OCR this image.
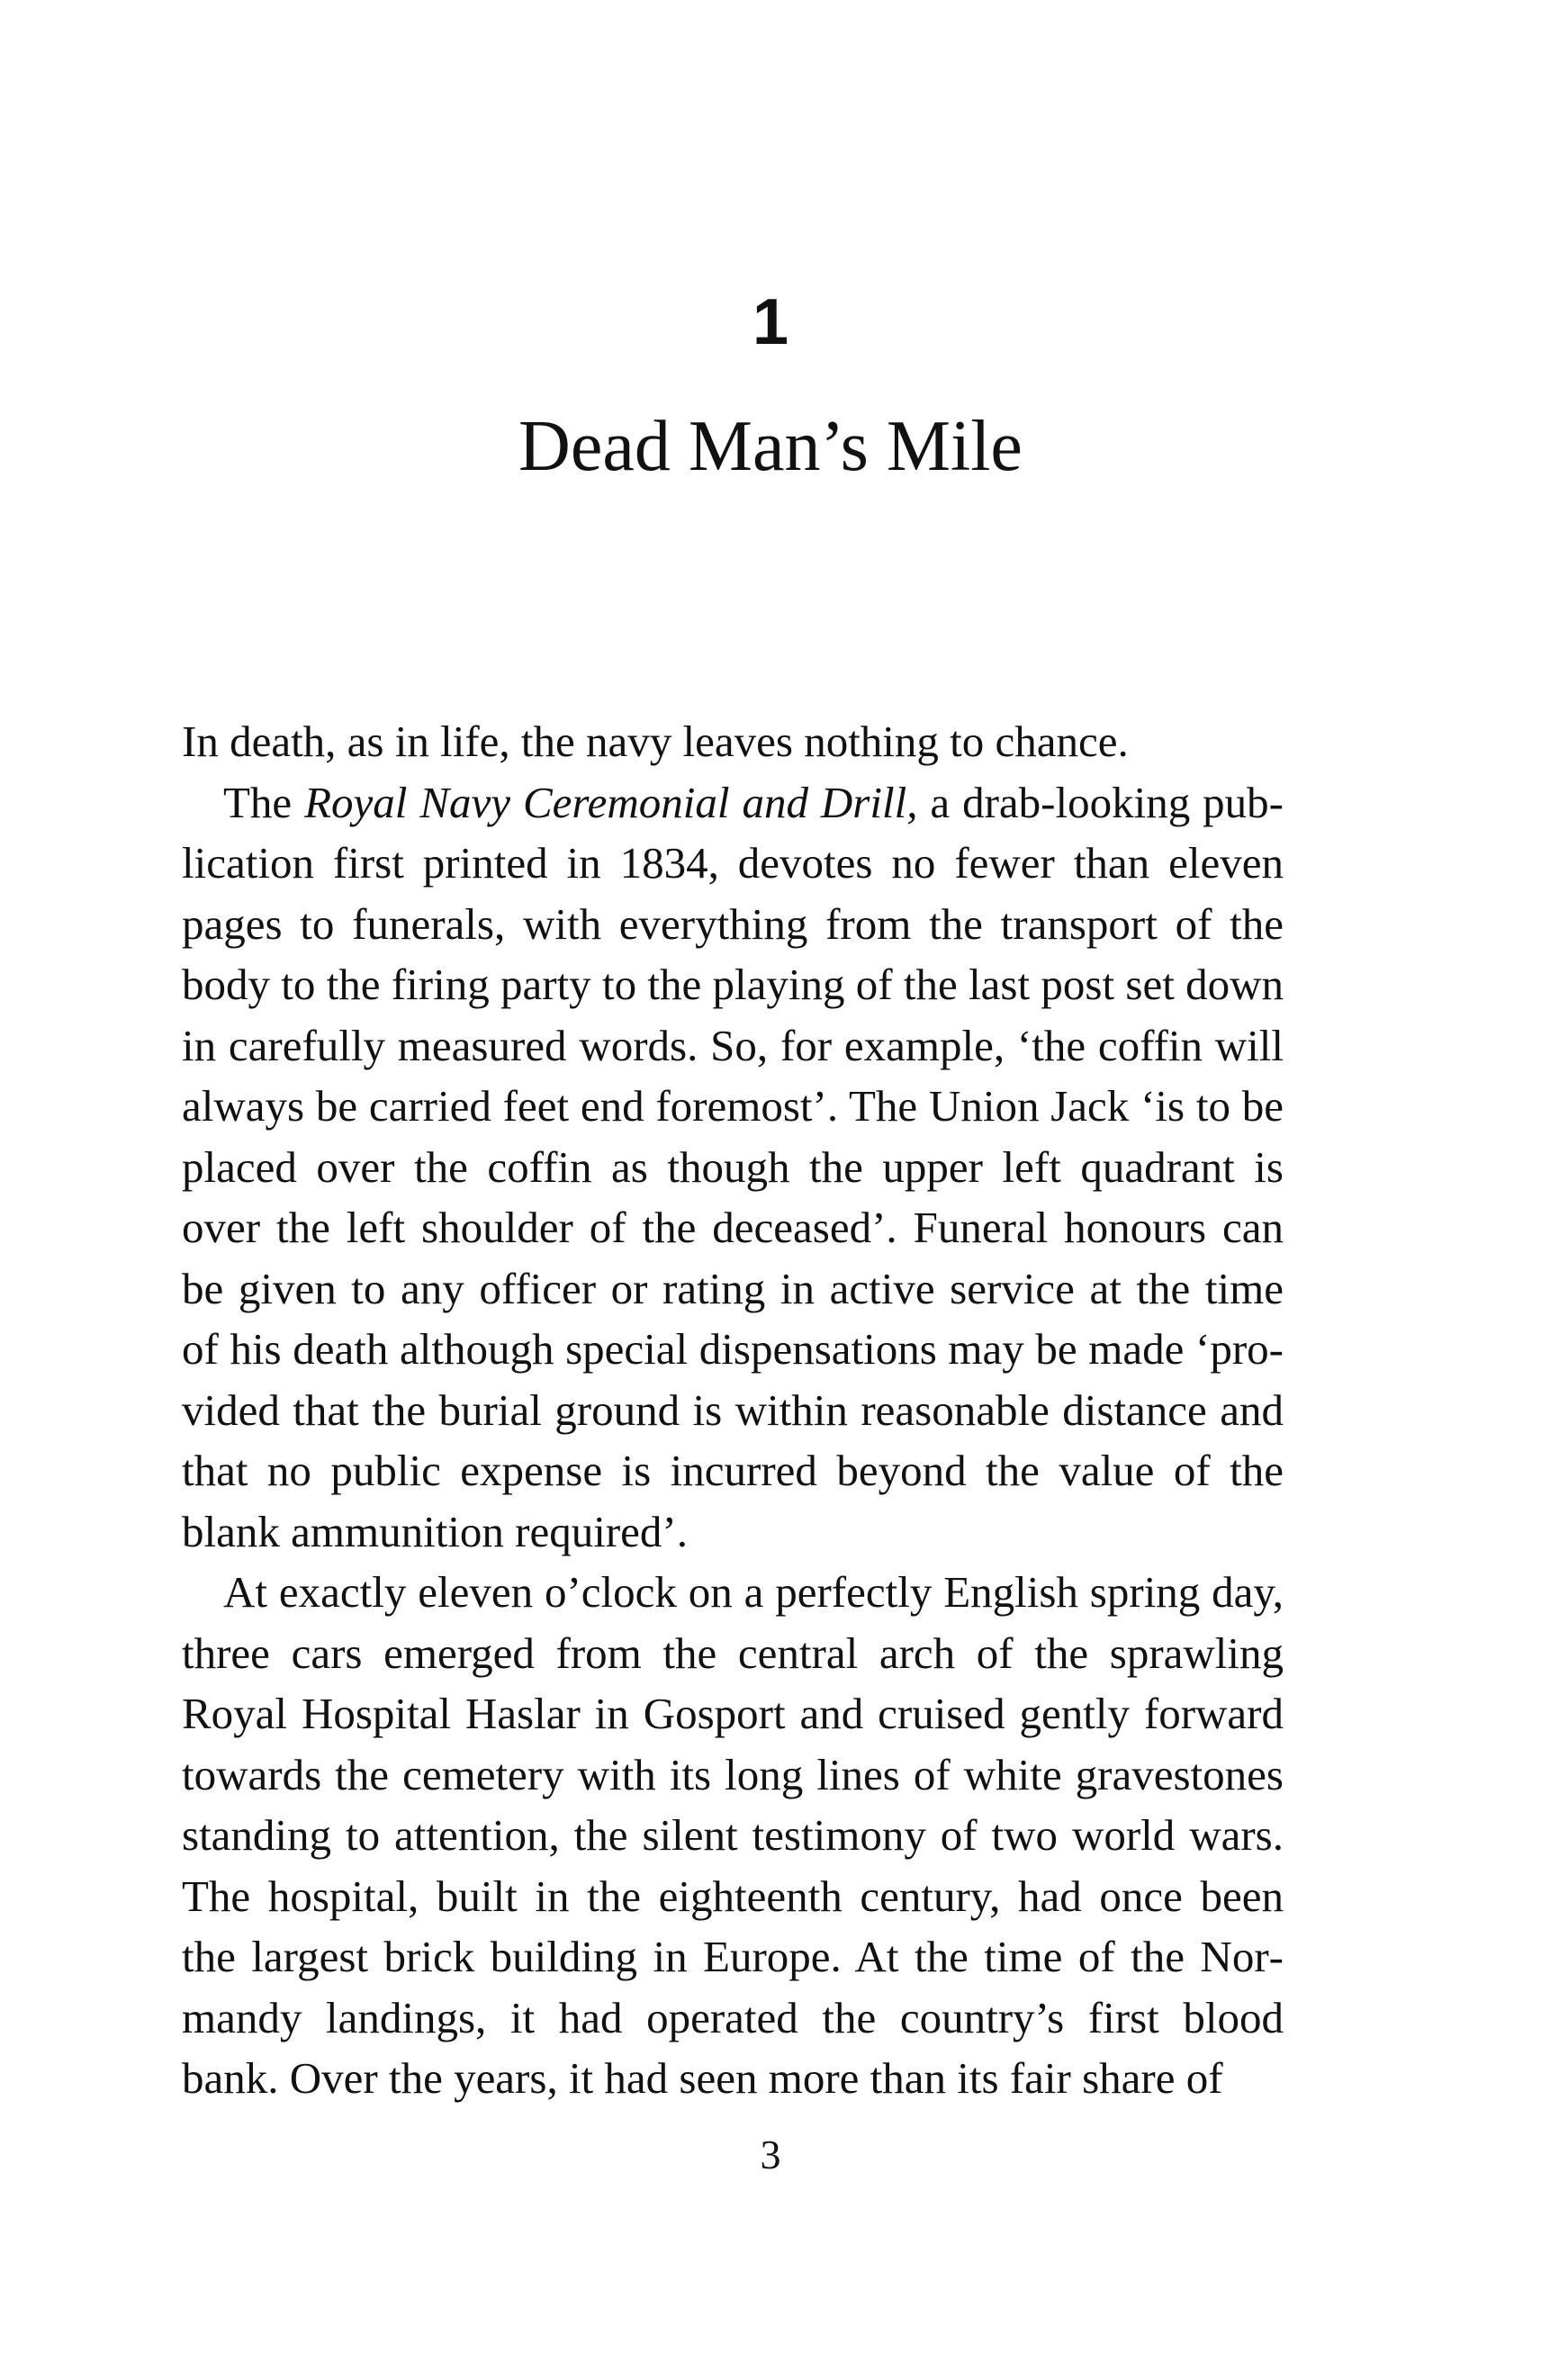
1
Dead Man’s Mile

In death, as in life, the navy leaves nothing to chance.

The Royal Navy Ceremonial and Drill, a drab-looking publication first printed in 1834, devotes no fewer than eleven pages to funerals, with everything from the transport of the body to the firing party to the playing of the last post set down in carefully measured words. So, for example, ‘the coffin will always be carried feet end foremost’. The Union Jack ‘is to be placed over the coffin as though the upper left quadrant is over the left shoulder of the deceased’. Funeral honours can be given to any officer or rating in active service at the time of his death although special dispensations may be made ‘provided that the burial ground is within reasonable distance and that no public expense is incurred beyond the value of the blank ammunition required’.

At exactly eleven o’clock on a perfectly English spring day, three cars emerged from the central arch of the sprawling Royal Hospital Haslar in Gosport and cruised gently forward towards the cemetery with its long lines of white gravestones standing to attention, the silent testimony of two world wars. The hospital, built in the eighteenth century, had once been the largest brick building in Europe. At the time of the Normandy landings, it had operated the country’s first blood bank. Over the years, it had seen more than its fair share of

3
